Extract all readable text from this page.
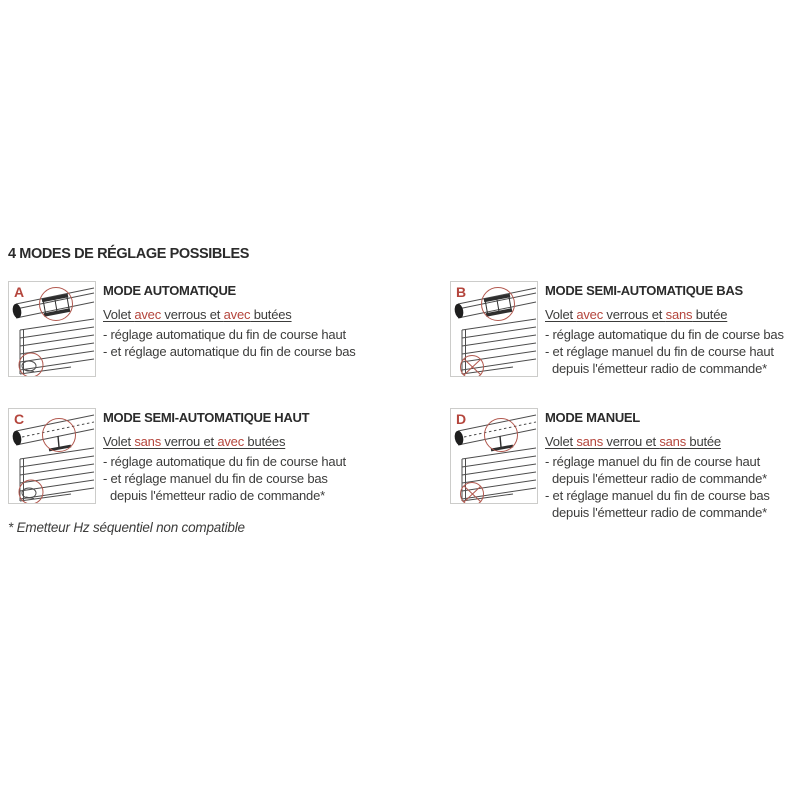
4 MODES DE RÉGLAGE POSSIBLES
A	MODE AUTOMATIQUE

Volet avec verrous et avec butées

- réglage automatique du fin de course haut
- et réglage automatique du fin de course bas
B	MODE SEMI-AUTOMATIQUE BAS

Volet avec verrous et sans butée

- réglage automatique du fin de course bas
- et réglage manuel du fin de course haut
depuis l'émetteur radio de commande*
C	MODE SEMI-AUTOMATIQUE HAUT

Volet sans verrou et avec butées

- réglage automatique du fin de course haut
- et réglage manuel du fin de course bas
depuis l'émetteur radio de commande*
D	MODE MANUEL

Volet sans verrou et sans butée

- réglage manuel du fin de course haut
depuis l'émetteur radio de commande*
- et réglage manuel du fin de course bas
depuis l'émetteur radio de commande*

* Emetteur Hz séquentiel non compatible
